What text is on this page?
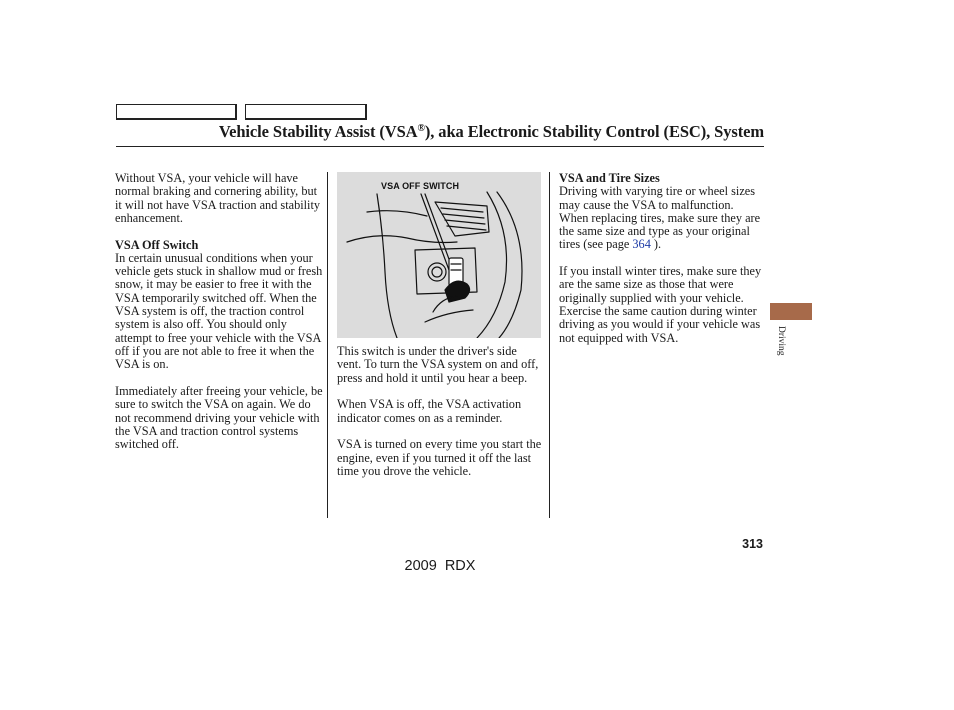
Vehicle Stability Assist (VSA®), aka Electronic Stability Control (ESC), System

Without VSA, your vehicle will have normal braking and cornering ability, but it will not have VSA traction and stability enhancement.

VSA Off Switch

In certain unusual conditions when your vehicle gets stuck in shallow mud or fresh snow, it may be easier to free it with the VSA temporarily switched off. When the VSA system is off, the traction control system is also off. You should only attempt to free your vehicle with the VSA off if you are not able to free it when the VSA is on.

Immediately after freeing your vehicle, be sure to switch the VSA on again. We do not recommend driving your vehicle with the VSA and traction control systems switched off.

VSA OFF SWITCH

This switch is under the driver's side vent. To turn the VSA system on and off, press and hold it until you hear a beep.

When VSA is off, the VSA activation indicator comes on as a reminder.

VSA is turned on every time you start the engine, even if you turned it off the last time you drove the vehicle.

VSA and Tire Sizes

Driving with varying tire or wheel sizes may cause the VSA to malfunction. When replacing tires, make sure they are the same size and type as your original tires (see page 364 ).

If you install winter tires, make sure they are the same size as those that were originally supplied with your vehicle. Exercise the same caution during winter driving as you would if your vehicle was not equipped with VSA.	Driving
313
2009 RDX
